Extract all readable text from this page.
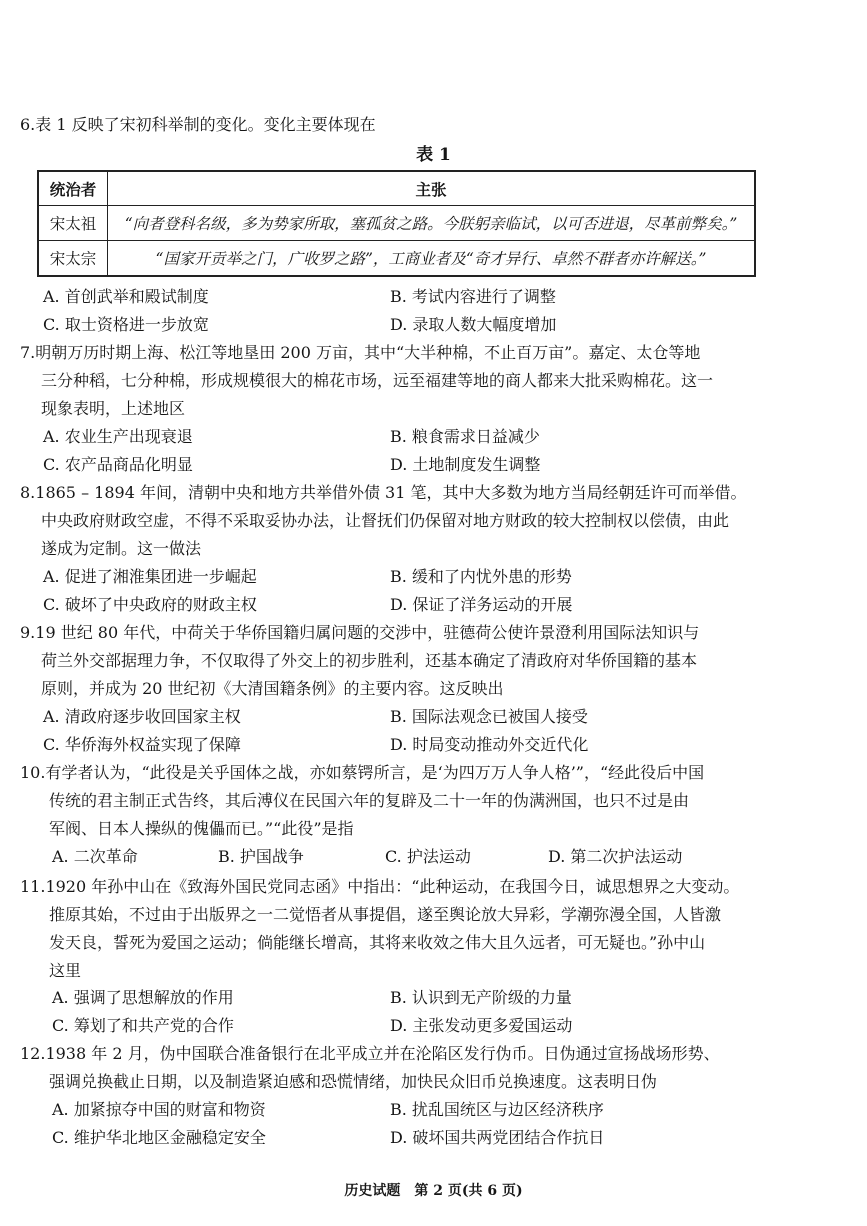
6.表 1 反映了宋初科举制的变化。变化主要体现在
表 1
统治者	主张
宋太祖	“向者登科名级，多为势家所取，塞孤贫之路。今朕躬亲临试，以可否进退，尽革前弊矣。”
宋太宗	“国家开贡举之门，广收罗之路”，工商业者及“奇才异行、卓然不群者亦许解送。”
A. 首创武举和殿试制度	B. 考试内容进行了调整
C. 取士资格进一步放宽	D. 录取人数大幅度增加
7.明朝万历时期上海、松江等地垦田 200 万亩，其中“大半种棉，不止百万亩”。嘉定、太仓等地
三分种稻，七分种棉，形成规模很大的棉花市场，远至福建等地的商人都来大批采购棉花。这一
现象表明，上述地区
A. 农业生产出现衰退	B. 粮食需求日益减少
C. 农产品商品化明显	D. 土地制度发生调整
8.1865 – 1894 年间，清朝中央和地方共举借外债 31 笔，其中大多数为地方当局经朝廷许可而举借。
中央政府财政空虚，不得不采取妥协办法，让督抚们仍保留对地方财政的较大控制权以偿债，由此
遂成为定制。这一做法
A. 促进了湘淮集团进一步崛起	B. 缓和了内忧外患的形势
C. 破坏了中央政府的财政主权	D. 保证了洋务运动的开展
9.19 世纪 80 年代，中荷关于华侨国籍归属问题的交涉中，驻德荷公使许景澄利用国际法知识与
荷兰外交部据理力争，不仅取得了外交上的初步胜利，还基本确定了清政府对华侨国籍的基本
原则，并成为 20 世纪初《大清国籍条例》的主要内容。这反映出
A. 清政府逐步收回国家主权	B. 国际法观念已被国人接受
C. 华侨海外权益实现了保障	D. 时局变动推动外交近代化
10.有学者认为，“此役是关乎国体之战，亦如蔡锷所言，是‘为四万万人争人格’”，“经此役后中国
传统的君主制正式告终，其后溥仪在民国六年的复辟及二十一年的伪满洲国，也只不过是由
军阀、日本人操纵的傀儡而已。”“此役”是指
A. 二次革命	B. 护国战争	C. 护法运动	D. 第二次护法运动
11.1920 年孙中山在《致海外国民党同志函》中指出：“此种运动，在我国今日，诚思想界之大变动。
推原其始，不过由于出版界之一二觉悟者从事提倡，遂至舆论放大异彩，学潮弥漫全国，人皆激
发天良，誓死为爱国之运动；倘能继长增高，其将来收效之伟大且久远者，可无疑也。”孙中山
这里
A. 强调了思想解放的作用	B. 认识到无产阶级的力量
C. 筹划了和共产党的合作	D. 主张发动更多爱国运动
12.1938 年 2 月，伪中国联合准备银行在北平成立并在沦陷区发行伪币。日伪通过宣扬战场形势、
强调兑换截止日期，以及制造紧迫感和恐慌情绪，加快民众旧币兑换速度。这表明日伪
A. 加紧掠夺中国的财富和物资	B. 扰乱国统区与边区经济秩序
C. 维护华北地区金融稳定安全	D. 破坏国共两党团结合作抗日
历史试题　第 2 页(共 6 页)
